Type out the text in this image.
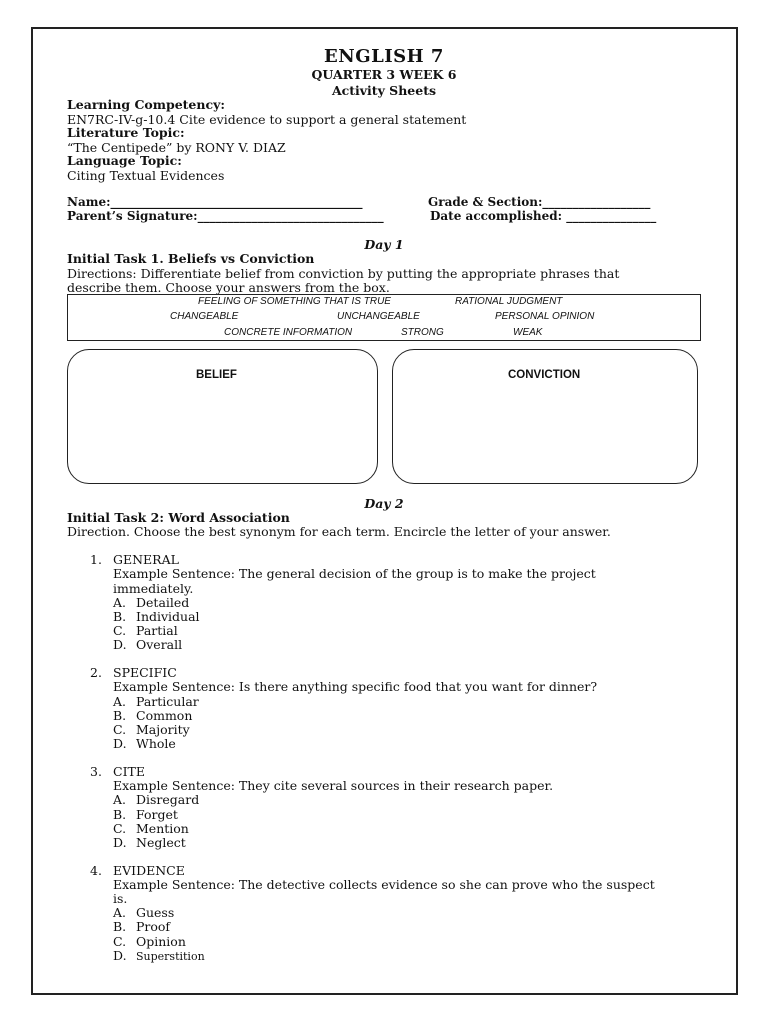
ENGLISH 7
QUARTER 3 WEEK 6
Activity Sheets
Learning Competency:
EN7RC-IV-g-10.4 Cite evidence to support a general statement
Literature Topic:
“The Centipede” by RONY V. DIAZ
Language Topic:
Citing Textual Evidences
Name:__________________________________________	Grade & Section:__________________
Parent’s Signature:_______________________________	Date accomplished: _______________
Day 1
Initial Task 1. Beliefs vs Conviction
Directions: Differentiate belief from conviction by putting the appropriate phrases that
describe them. Choose your answers from the box.
FEELING OF SOMETHING THAT IS TRUE	RATIONAL JUDGMENT
CHANGEABLE	UNCHANGEABLE	PERSONAL OPINION
CONCRETE INFORMATION	STRONG	WEAK
BELIEF	CONVICTION
Day 2
Initial Task 2: Word Association
Direction. Choose the best synonym for each term. Encircle the letter of your answer.
1. GENERAL
Example Sentence: The general decision of the group is to make the project
immediately.
A. Detailed
B. Individual
C. Partial
D. Overall
2. SPECIFIC
Example Sentence: Is there anything specific food that you want for dinner?
A. Particular
B. Common
C. Majority
D. Whole
3. CITE
Example Sentence: They cite several sources in their research paper.
A. Disregard
B. Forget
C. Mention
D. Neglect
4. EVIDENCE
Example Sentence: The detective collects evidence so she can prove who the suspect
is.
A. Guess
B. Proof
C. Opinion
D. Superstition
